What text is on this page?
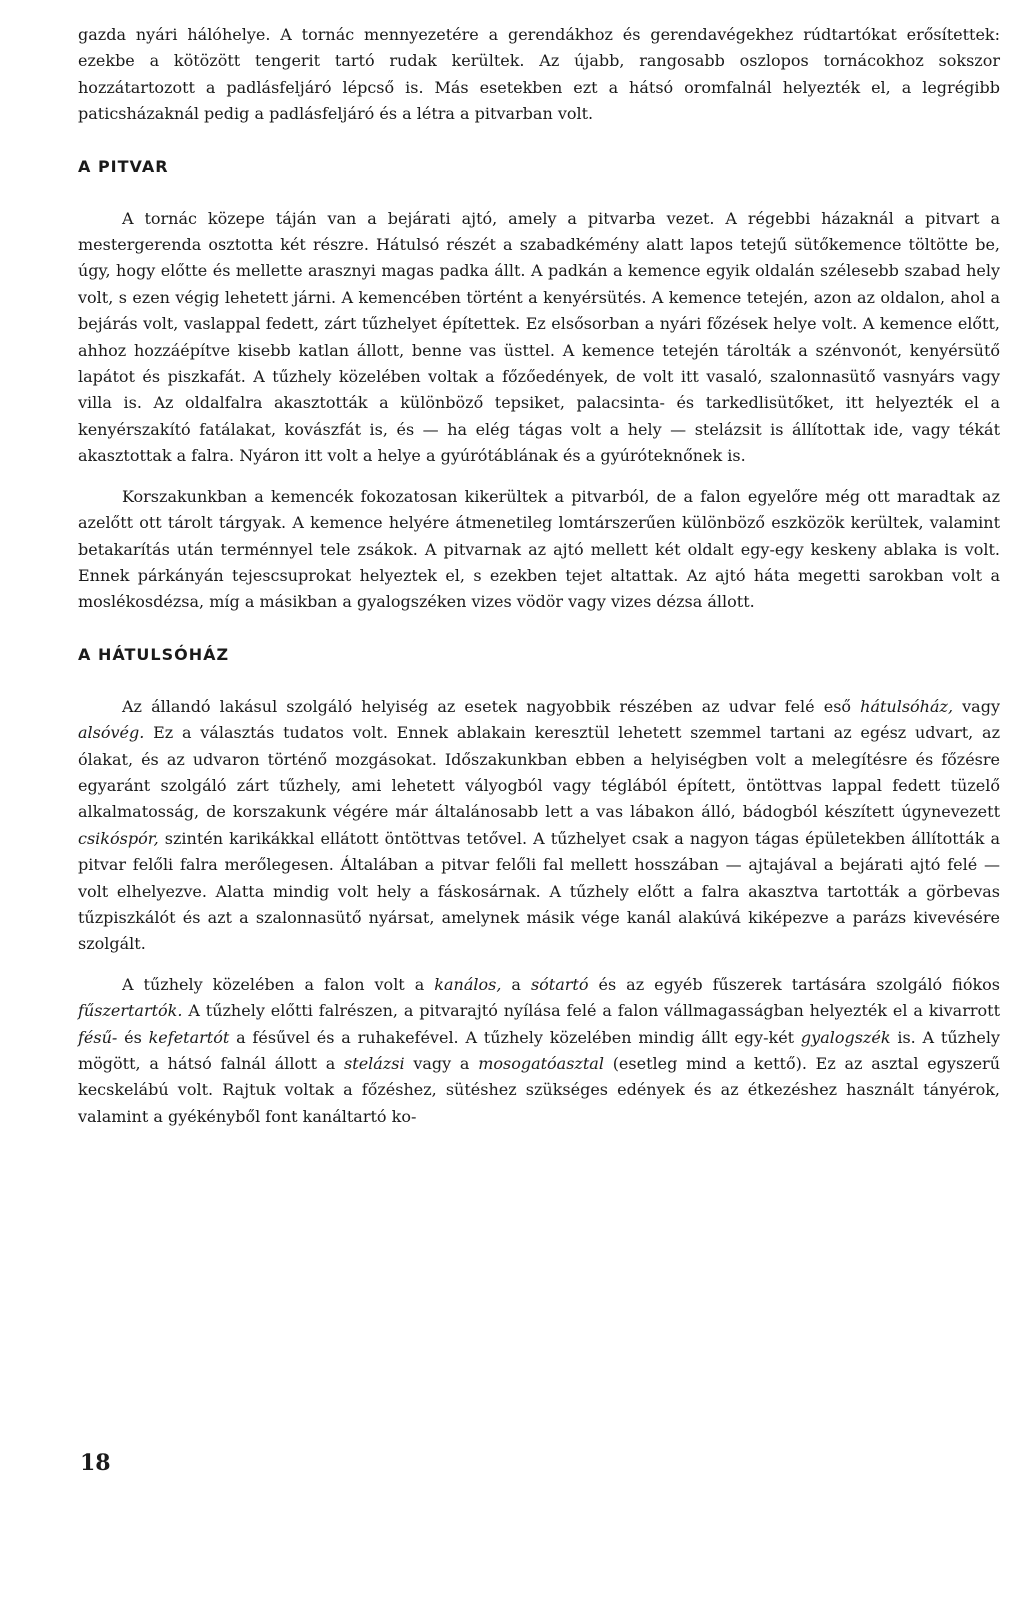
gazda nyári hálóhelye. A tornác mennyezetére a gerendákhoz és gerendavégekhez rúdtartókat erősítettek: ezekbe a kötözött tengerit tartó rudak kerültek. Az újabb, rangosabb oszlopos tornácokhoz sokszor hozzátartozott a padlásfeljáró lépcső is. Más esetekben ezt a hátsó oromfalnál helyezték el, a legrégibb paticsházaknál pedig a padlásfeljáró és a létra a pitvarban volt.

A PITVAR

A tornác közepe táján van a bejárati ajtó, amely a pitvarba vezet. A régebbi házaknál a pitvart a mestergerenda osztotta két részre. Hátulsó részét a szabadkémény alatt lapos tetejű sütőkemence töltötte be, úgy, hogy előtte és mellette arasznyi magas padka állt. A padkán a kemence egyik oldalán szélesebb szabad hely volt, s ezen végig lehetett járni. A kemencében történt a kenyérsütés. A kemence tetején, azon az oldalon, ahol a bejárás volt, vaslappal fedett, zárt tűzhelyet építettek. Ez elsősorban a nyári főzések helye volt. A kemence előtt, ahhoz hozzáépítve kisebb katlan állott, benne vas üsttel. A kemence tetején tárolták a szénvonót, kenyérsütő lapátot és piszkafát. A tűzhely közelében voltak a főzőedények, de volt itt vasaló, szalonnasütő vasnyárs vagy villa is. Az oldalfalra akasztották a különböző tepsiket, palacsinta- és tarkedlisütőket, itt helyezték el a kenyérszakító fatálakat, kovászfát is, és — ha elég tágas volt a hely — stelázsit is állítottak ide, vagy tékát akasztottak a falra. Nyáron itt volt a helye a gyúrótáblának és a gyúróteknőnek is.

Korszakunkban a kemencék fokozatosan kikerültek a pitvarból, de a falon egyelőre még ott maradtak az azelőtt ott tárolt tárgyak. A kemence helyére átmenetileg lomtárszerűen különböző eszközök kerültek, valamint betakarítás után terménnyel tele zsákok. A pitvarnak az ajtó mellett két oldalt egy-egy keskeny ablaka is volt. Ennek párkányán tejescsuprokat helyeztek el, s ezekben tejet altattak. Az ajtó háta megetti sarokban volt a moslékosdézsa, míg a másikban a gyalogszéken vizes vödör vagy vizes dézsa állott.

A HÁTULSÓHÁZ

Az állandó lakásul szolgáló helyiség az esetek nagyobbik részében az udvar felé eső hátulsóház, vagy alsóvég. Ez a választás tudatos volt. Ennek ablakain keresztül lehetett szemmel tartani az egész udvart, az ólakat, és az udvaron történő mozgásokat. Időszakunkban ebben a helyiségben volt a melegítésre és főzésre egyaránt szolgáló zárt tűzhely, ami lehetett vályogból vagy téglából épített, öntöttvas lappal fedett tüzelő alkalmatosság, de korszakunk végére már általánosabb lett a vas lábakon álló, bádogból készített úgynevezett csikóspór, szintén karikákkal ellátott öntöttvas tetővel. A tűzhelyet csak a nagyon tágas épületekben állították a pitvar felőli falra merőlegesen. Általában a pitvar felőli fal mellett hosszában — ajtajával a bejárati ajtó felé — volt elhelyezve. Alatta mindig volt hely a fáskosárnak. A tűzhely előtt a falra akasztva tartották a görbevas tűzpiszkálót és azt a szalonnasütő nyársat, amelynek másik vége kanál alakúvá kiképezve a parázs kivevésére szolgált.

A tűzhely közelében a falon volt a kanálos, a sótartó és az egyéb fűszerek tartására szolgáló fiókos fűszertartók. A tűzhely előtti falrészen, a pitvarajtó nyílása felé a falon vállmagasságban helyezték el a kivarrott fésű- és kefetartót a fésűvel és a ruhakefével. A tűzhely közelében mindig állt egy-két gyalogszék is. A tűzhely mögött, a hátsó falnál állott a stelázsi vagy a mosogatóasztal (esetleg mind a kettő). Ez az asztal egyszerű kecskelábú volt. Rajtuk voltak a főzéshez, sütéshez szükséges edények és az étkezéshez használt tányérok, valamint a gyékényből font kanáltartó ko-

18
